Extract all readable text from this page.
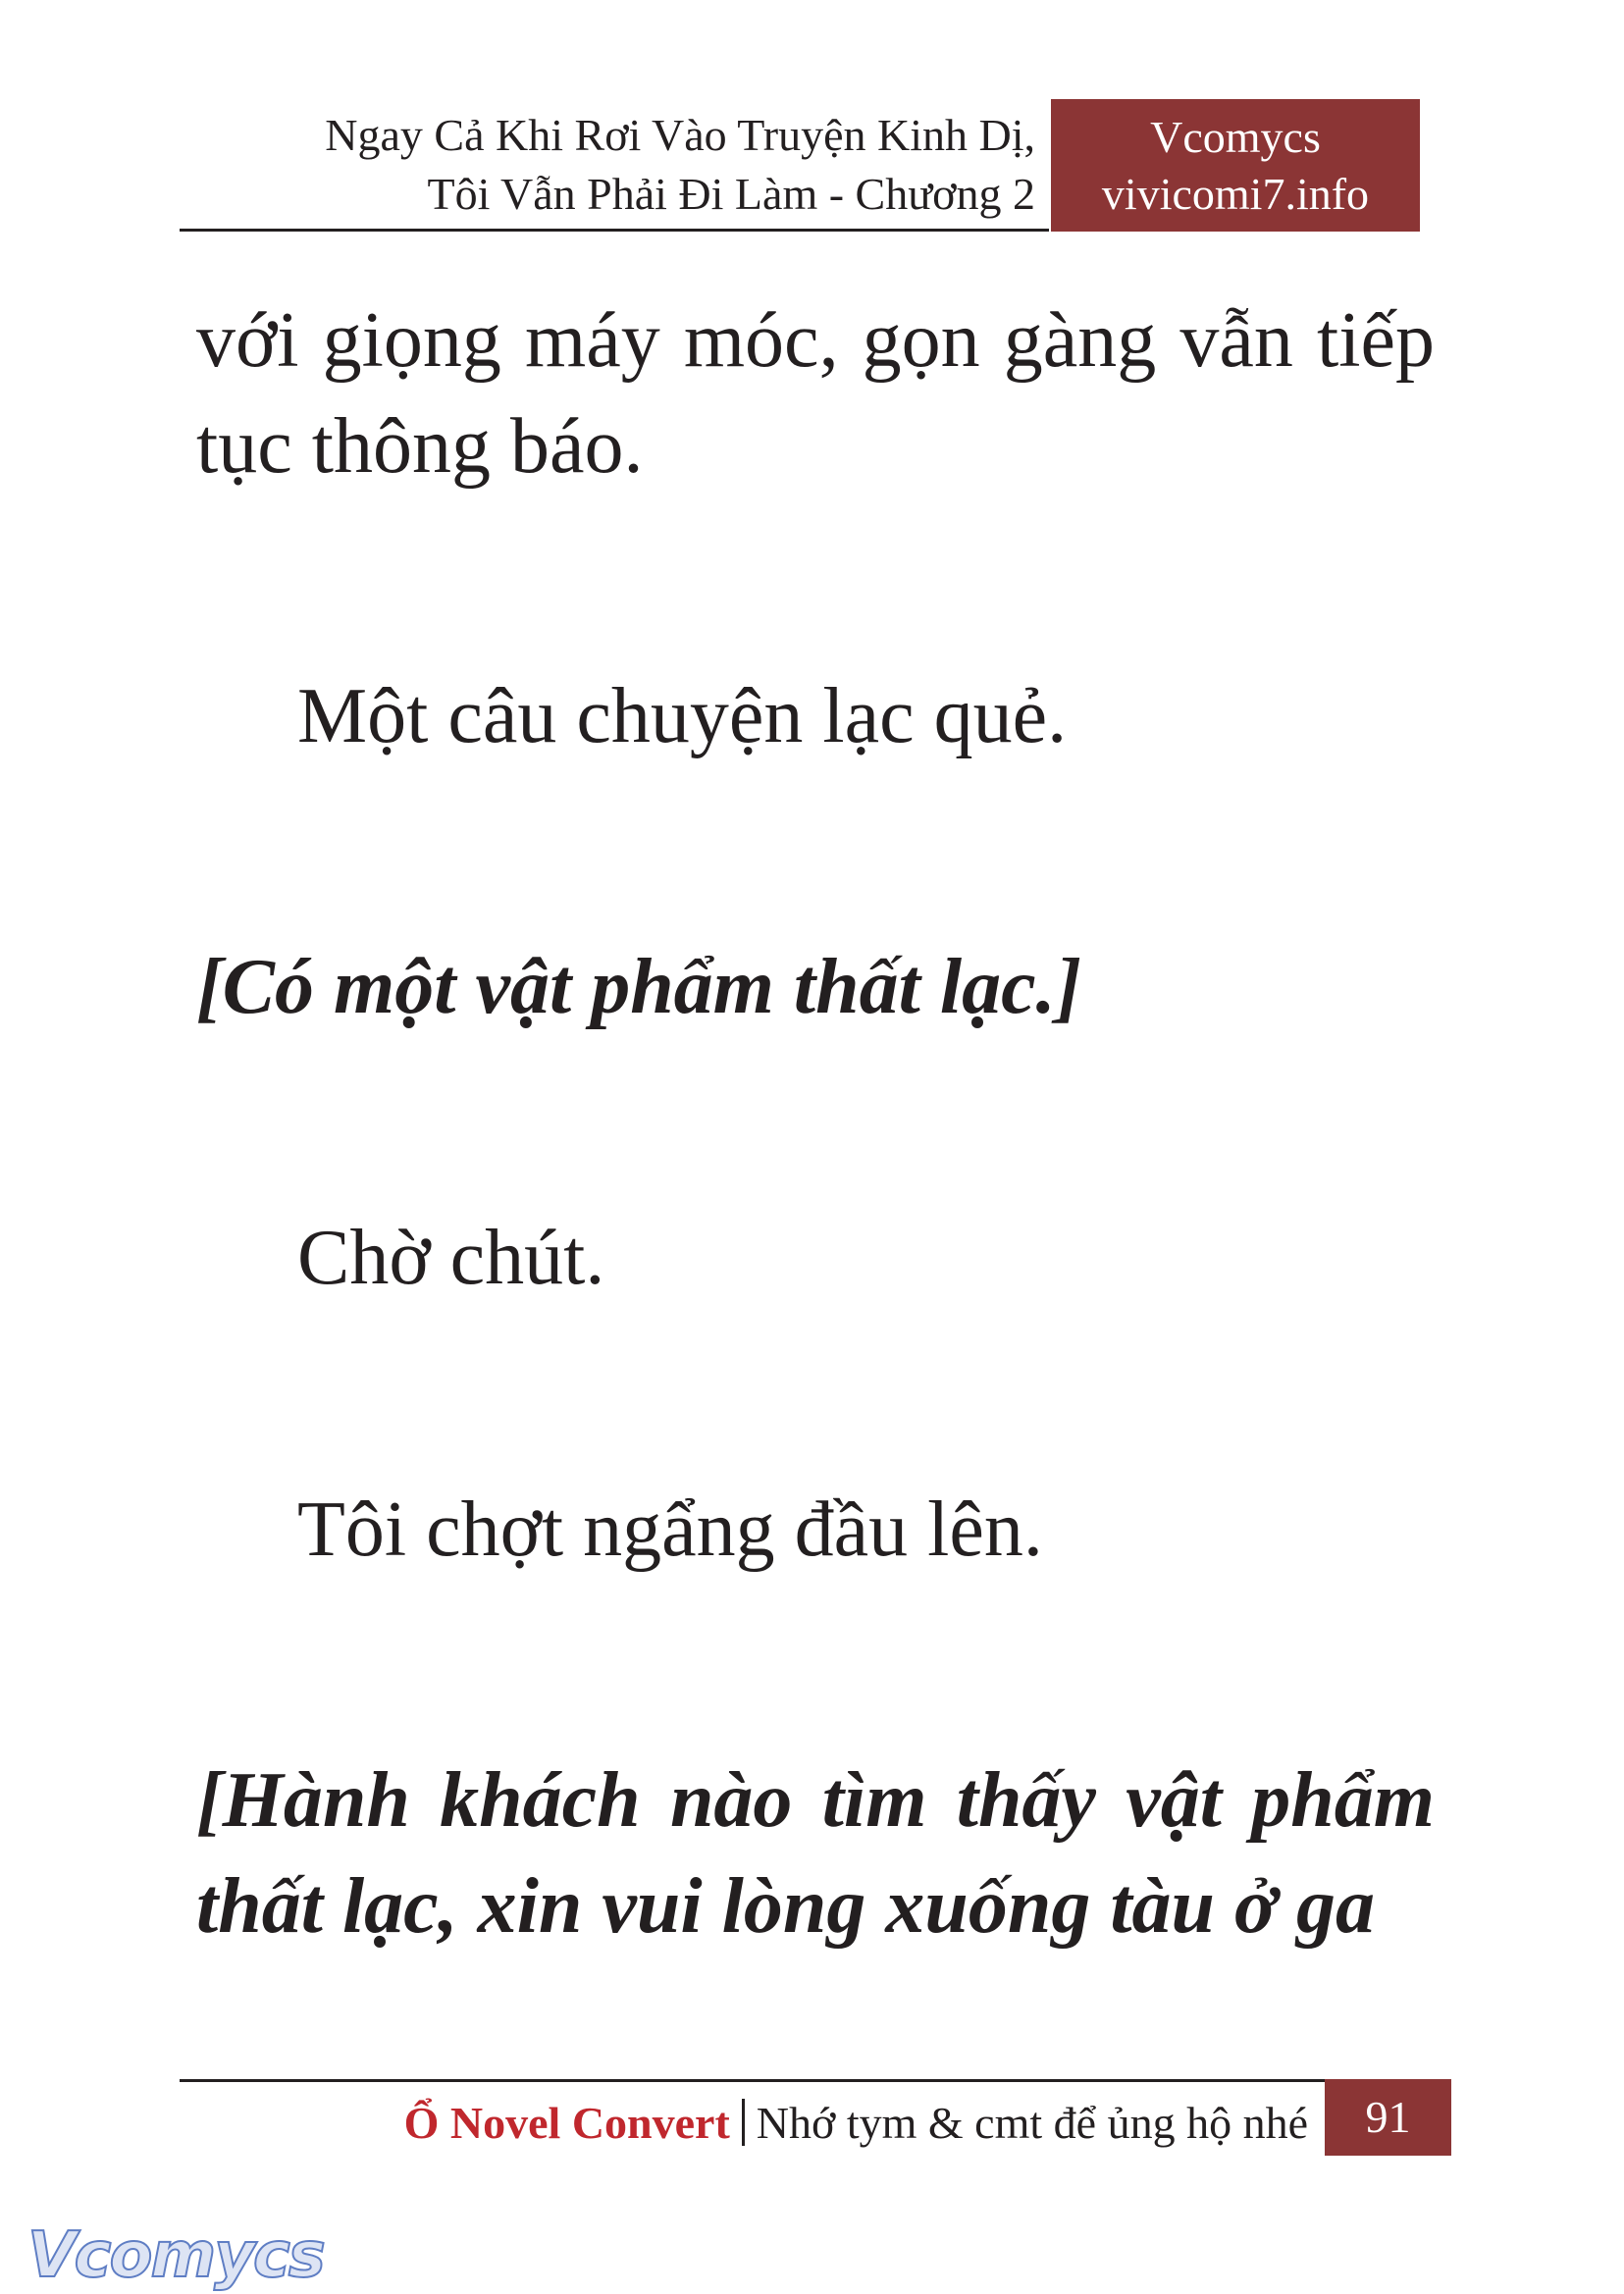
Ngay Cả Khi Rơi Vào Truyện Kinh Dị,
Tôi Vẫn Phải Đi Làm - Chương 2
Vcomycs
vivicomi7.info

với giọng máy móc, gọn gàng vẫn tiếp tục thông báo.

Một câu chuyện lạc quẻ.

[Có một vật phẩm thất lạc.]

Chờ chút.

Tôi chợt ngẩng đầu lên.

[Hành khách nào tìm thấy vật phẩm thất lạc, xin vui lòng xuống tàu ở ga

Ổ Novel Convert Nhớ tym & cmt để ủng hộ nhé	91
Vcomycs
